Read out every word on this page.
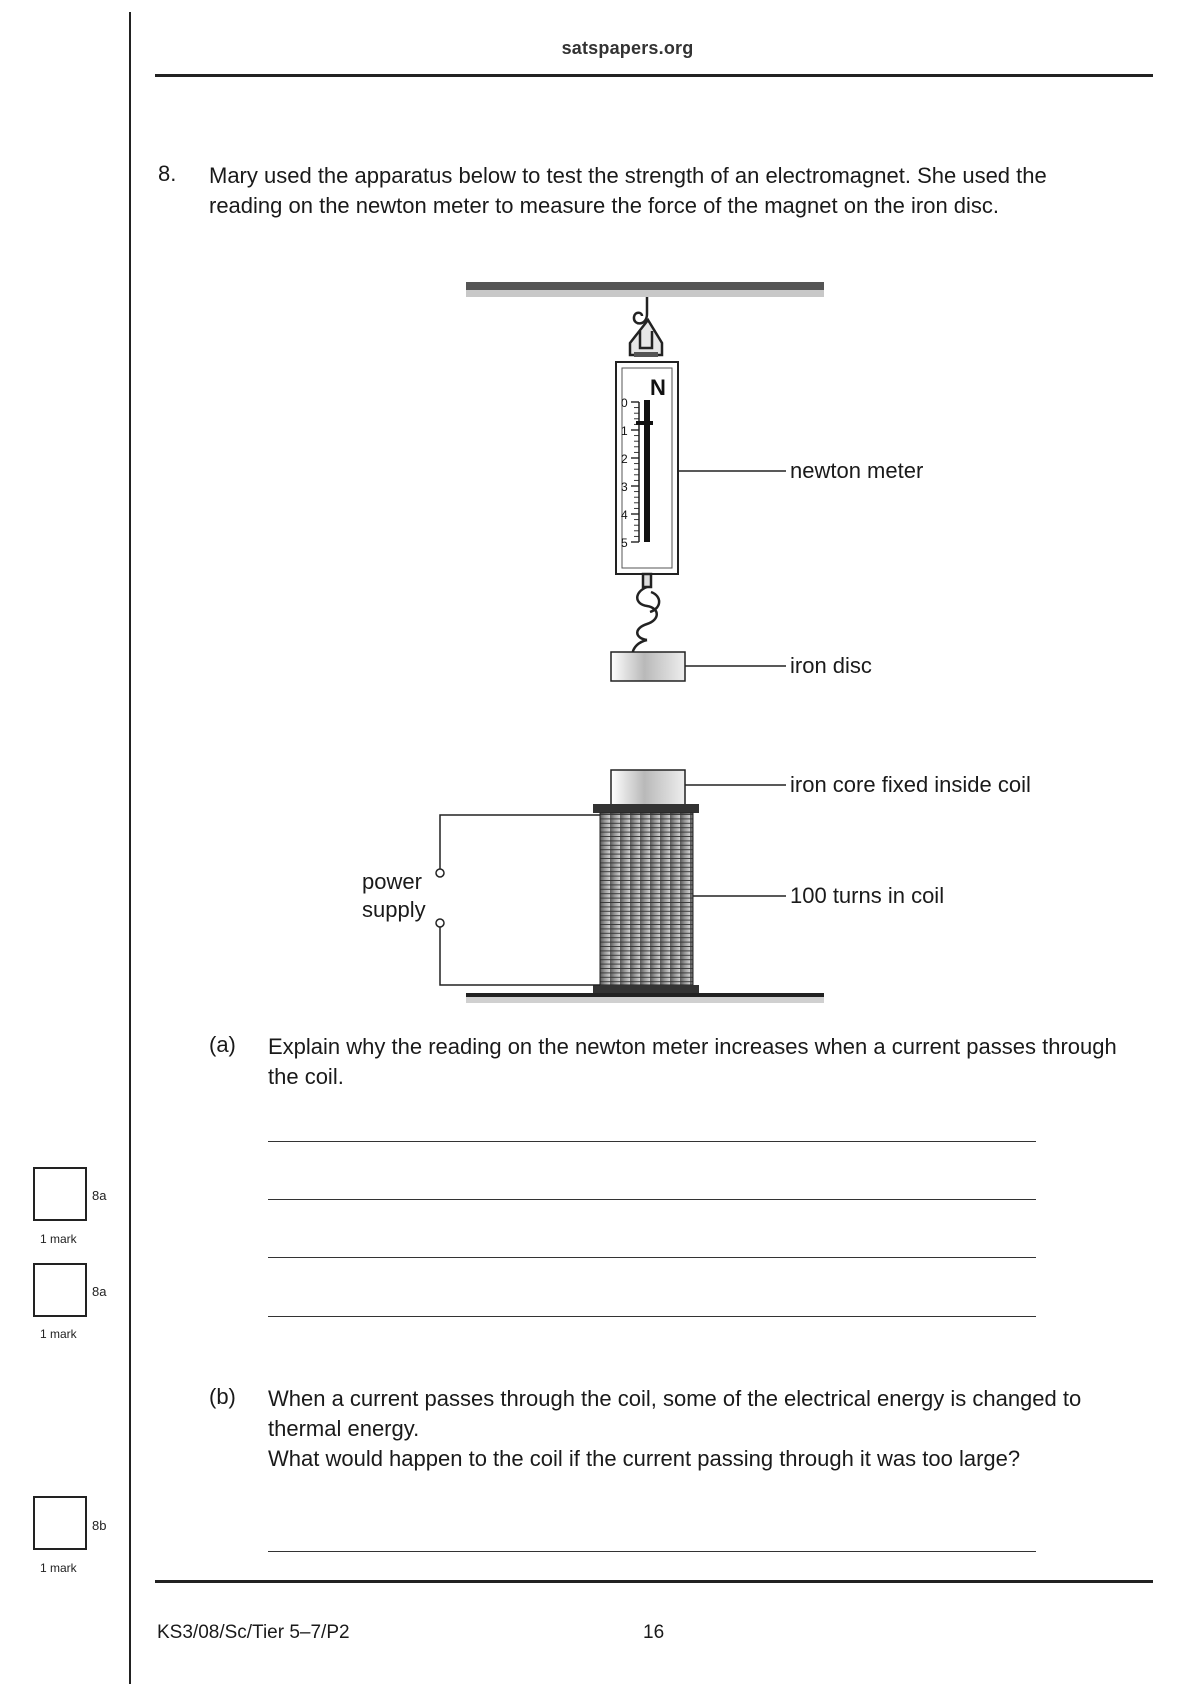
satspapers.org
8. Mary used the apparatus below to test the strength of an electromagnet. She used the reading on the newton meter to measure the force of the magnet on the iron disc.

N
0
1
2
3
4
5
newton meter
iron disc
iron core fixed inside coil
100 turns in coil
power
supply
(a) Explain why the reading on the newton meter increases when a current passes through the coil.

(b) When a current passes through the coil, some of the electrical energy is changed to thermal energy.

What would happen to the coil if the current passing through it was too large?

8a
1 mark
8a
1 mark
8b
1 mark
KS3/08/Sc/Tier 5–7/P2	16
